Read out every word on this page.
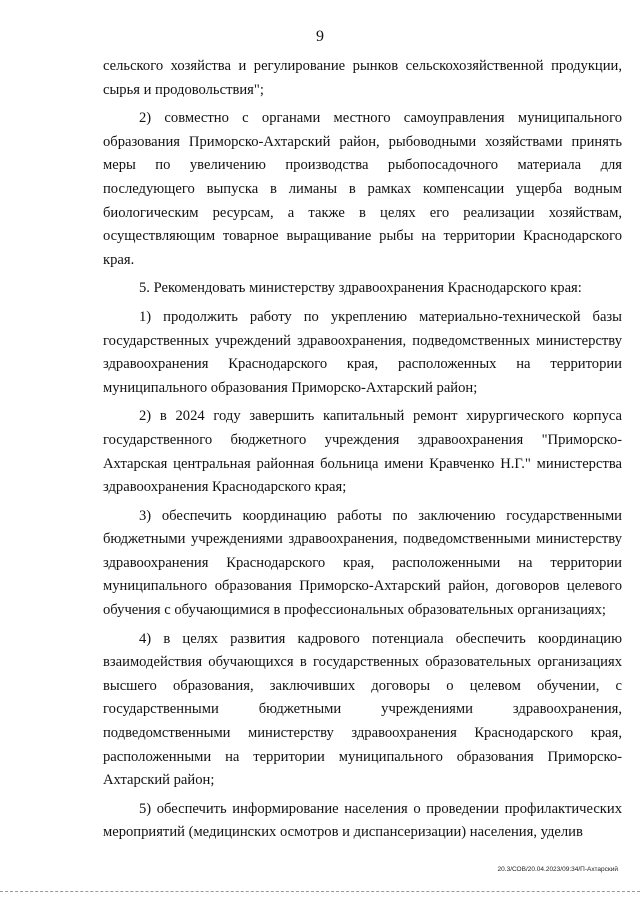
9

сельского хозяйства и регулирование рынков сельскохозяйственной продукции, сырья и продовольствия";

2) совместно с органами местного самоуправления муниципального образования Приморско-Ахтарский район, рыбоводными хозяйствами принять меры по увеличению производства рыбопосадочного материала для последующего выпуска в лиманы в рамках компенсации ущерба водным биологическим ресурсам, а также в целях его реализации хозяйствам, осуществляющим товарное выращивание рыбы на территории Краснодарского края.

5. Рекомендовать министерству здравоохранения Краснодарского края:

1) продолжить работу по укреплению материально-технической базы государственных учреждений здравоохранения, подведомственных министерству здравоохранения Краснодарского края, расположенных на территории муниципального образования Приморско-Ахтарский район;

2) в 2024 году завершить капитальный ремонт хирургического корпуса государственного бюджетного учреждения здравоохранения "Приморско-Ахтарская центральная районная больница имени Кравченко Н.Г." министерства здравоохранения Краснодарского края;

3) обеспечить координацию работы по заключению государственными бюджетными учреждениями здравоохранения, подведомственными министерству здравоохранения Краснодарского края, расположенными на территории муниципального образования Приморско-Ахтарский район, договоров целевого обучения с обучающимися в профессиональных образовательных организациях;

4) в целях развития кадрового потенциала обеспечить координацию взаимодействия обучающихся в государственных образовательных организациях высшего образования, заключивших договоры о целевом обучении, с государственными бюджетными учреждениями здравоохранения, подведомственными министерству здравоохранения Краснодарского края, расположенными на территории муниципального образования Приморско-Ахтарский район;

5) обеспечить информирование населения о проведении профилактических мероприятий (медицинских осмотров и диспансеризации) населения, уделив

20.3/СОВ/20.04.2023/09:34/П-Ахтарский
